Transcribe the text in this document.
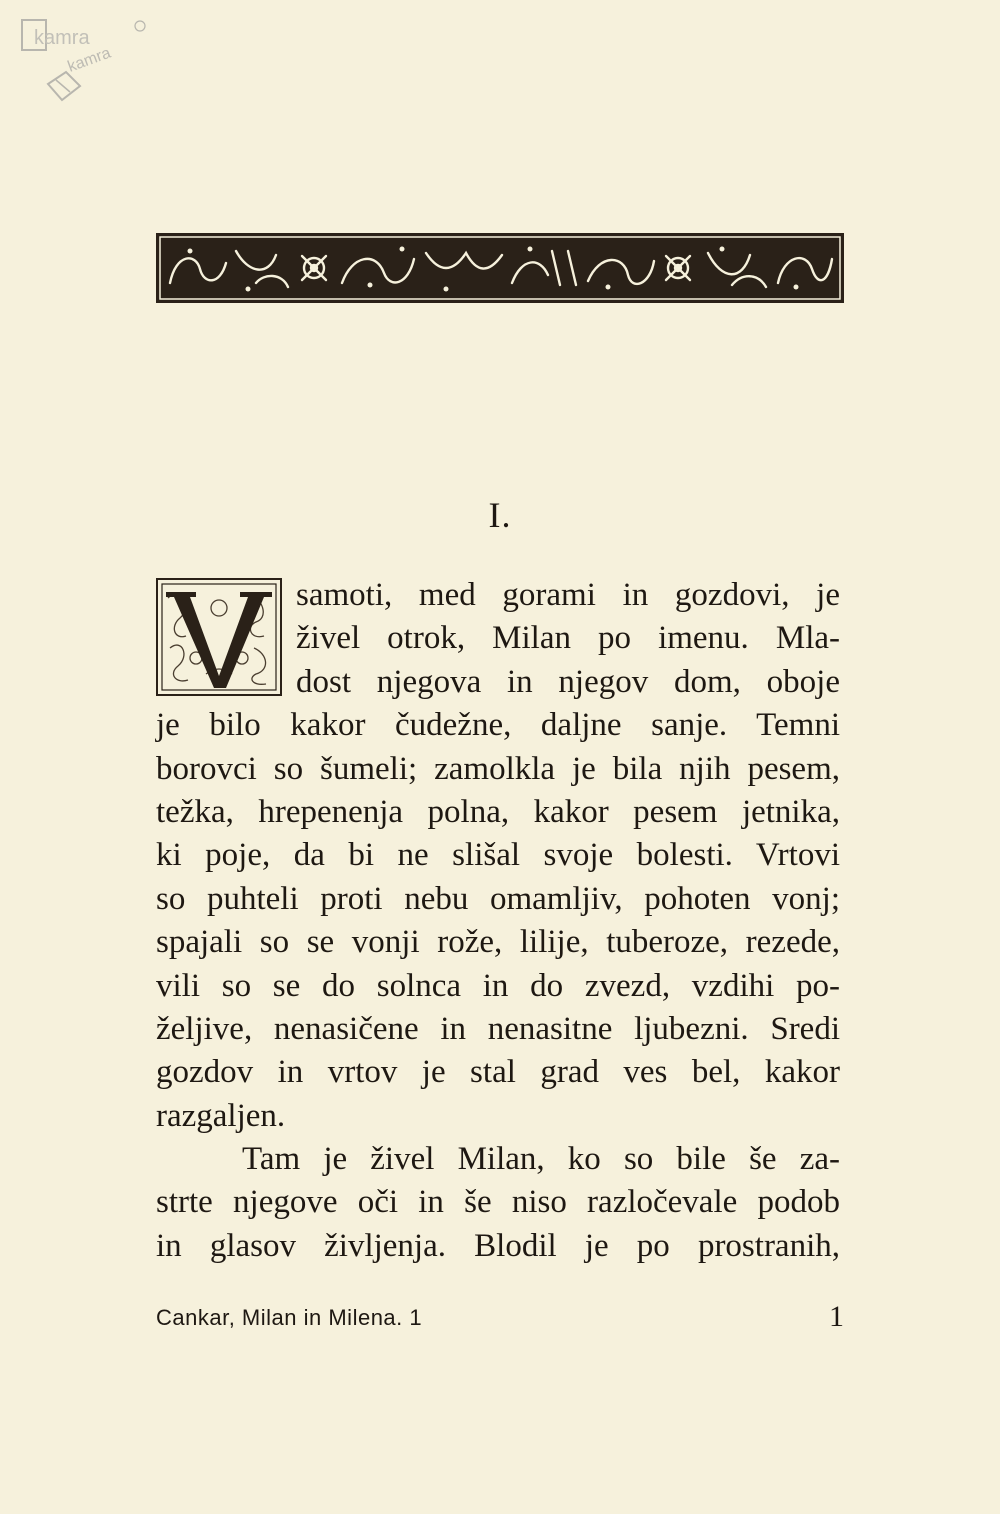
kamra
kamra
I.
samoti, med gorami in gozdovi, je
živel otrok, Milan po imenu. Mla-
dost njegova in njegov dom, oboje
je bilo kakor čudežne, daljne sanje. Temni
borovci so šumeli; zamolkla je bila njih pesem,
težka, hrepenenja polna, kakor pesem jetnika,
ki poje, da bi ne slišal svoje bolesti. Vrtovi
so puhteli proti nebu omamljiv, pohoten vonj;
spajali so se vonji rože, lilije, tuberoze, rezede,
vili so se do solnca in do zvezd, vzdihi po-
željive, nenasičene in nenasitne ljubezni. Sredi
gozdov in vrtov je stal grad ves bel, kakor
razgaljen.
Tam je živel Milan, ko so bile še za-
strte njegove oči in še niso razločevale podob
in glasov življenja. Blodil je po prostranih,
Cankar, Milan in Milena. 1	1
